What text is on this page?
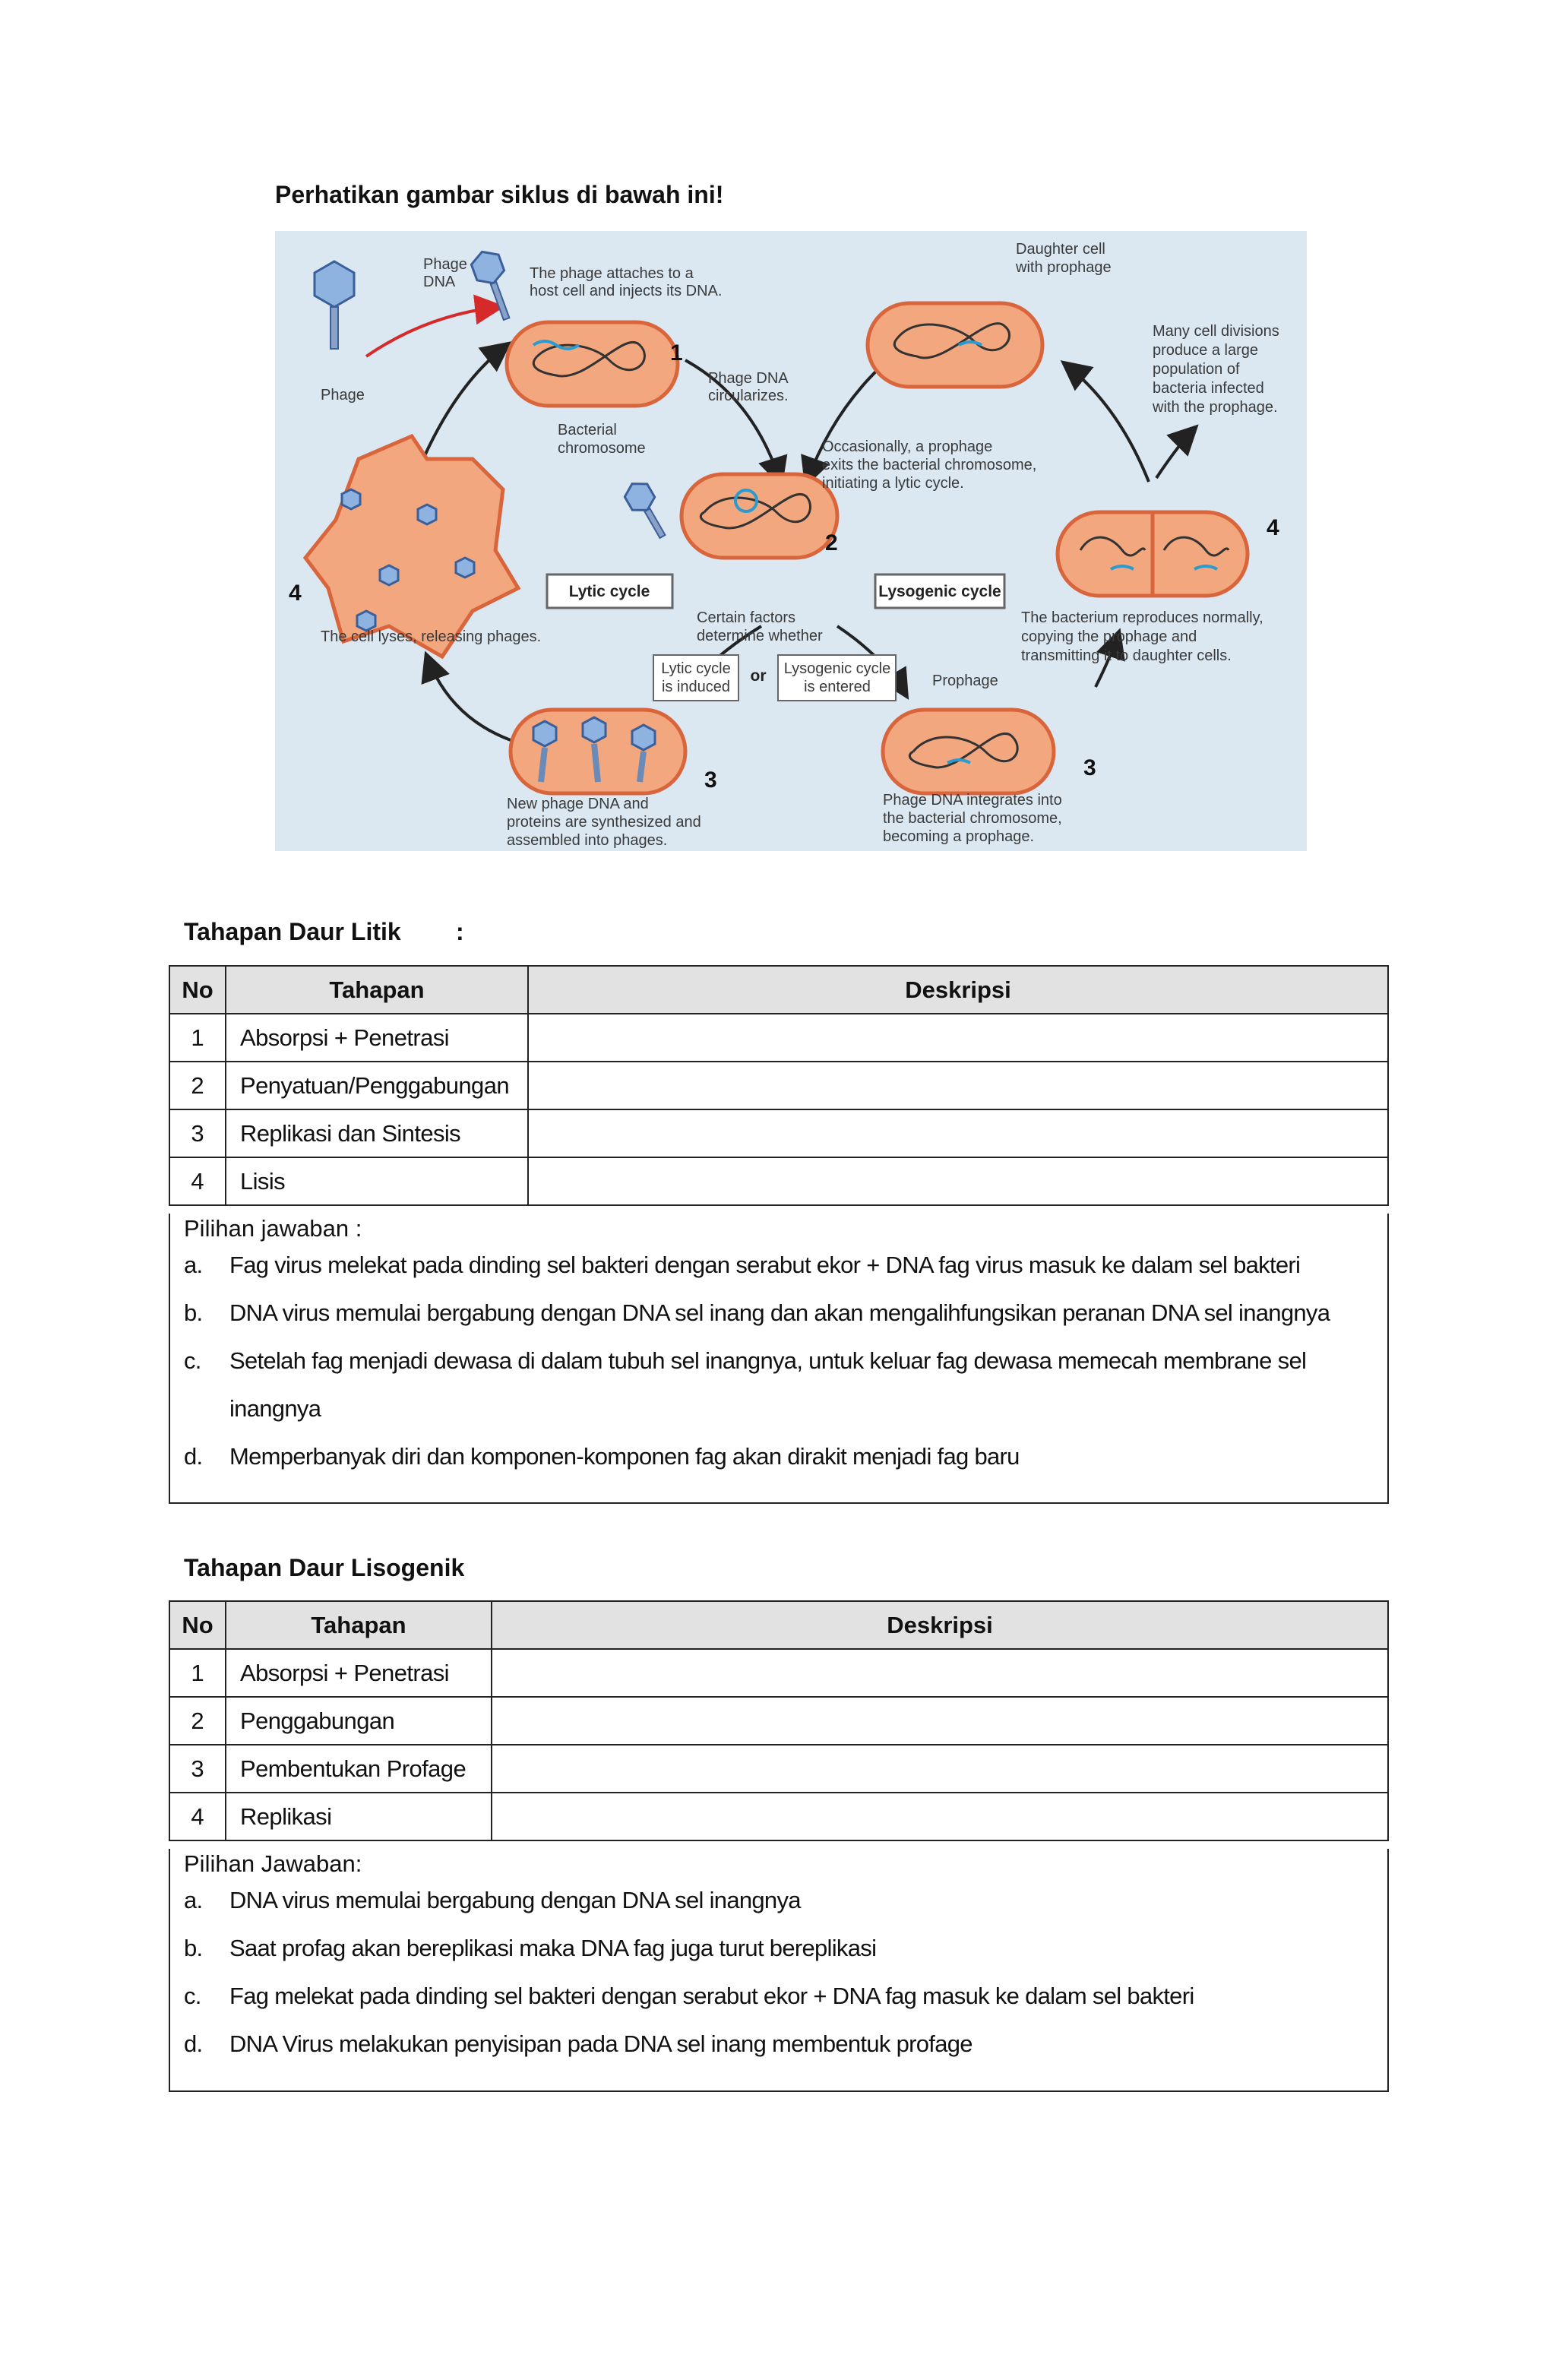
Perhatikan gambar siklus di bawah ini!
Phage
Phage
DNA	The phage attaches to a
host cell and injects its DNA.
Phage DNA
circularizes.
Bacterial
chromosome
Daughter cell
with prophage
Many cell divisions
produce a large
population of
bacteria infected
with the prophage.
Occasionally, a prophage
exits the bacterial chromosome,
initiating a lytic cycle.
Lytic cycle	Lysogenic cycle
Certain factors
determine whether
The cell lyses, releasing phages.
The bacterium reproduces normally,
copying the prophage and
transmitting it to daughter cells.
Lytic cycle
is induced
or Lysogenic cycle
is entered	Prophage
New phage DNA and
proteins are synthesized and
assembled into phages.
Phage DNA integrates into
the bacterial chromosome,
becoming a prophage.
1
2
4
4
3	3
Tahapan Daur Litik :
No	Tahapan	Deskripsi
1	Absorpsi + Penetrasi	
2	Penyatuan/Penggabungan	
3	Replikasi dan Sintesis	
4	Lisis	
Pilihan jawaban :
a.	Fag virus melekat pada dinding sel bakteri dengan serabut ekor + DNA fag virus masuk ke dalam sel bakteri
b.	DNA virus memulai bergabung dengan DNA sel inang dan akan mengalihfungsikan peranan DNA sel inangnya
c.	Setelah fag menjadi dewasa di dalam tubuh sel inangnya, untuk keluar fag dewasa memecah membrane sel inangnya
d.	Memperbanyak diri dan komponen-komponen fag akan dirakit menjadi fag baru
Tahapan Daur Lisogenik
No	Tahapan	Deskripsi
1	Absorpsi + Penetrasi	
2	Penggabungan	
3	Pembentukan Profage	
4	Replikasi	
Pilihan Jawaban:
a.	DNA virus memulai bergabung dengan DNA sel inangnya
b.	Saat profag akan bereplikasi maka DNA fag juga turut bereplikasi
c.	Fag melekat pada dinding sel bakteri dengan serabut ekor + DNA fag masuk ke dalam sel bakteri
d.	DNA Virus melakukan penyisipan pada DNA sel inang membentuk profage
